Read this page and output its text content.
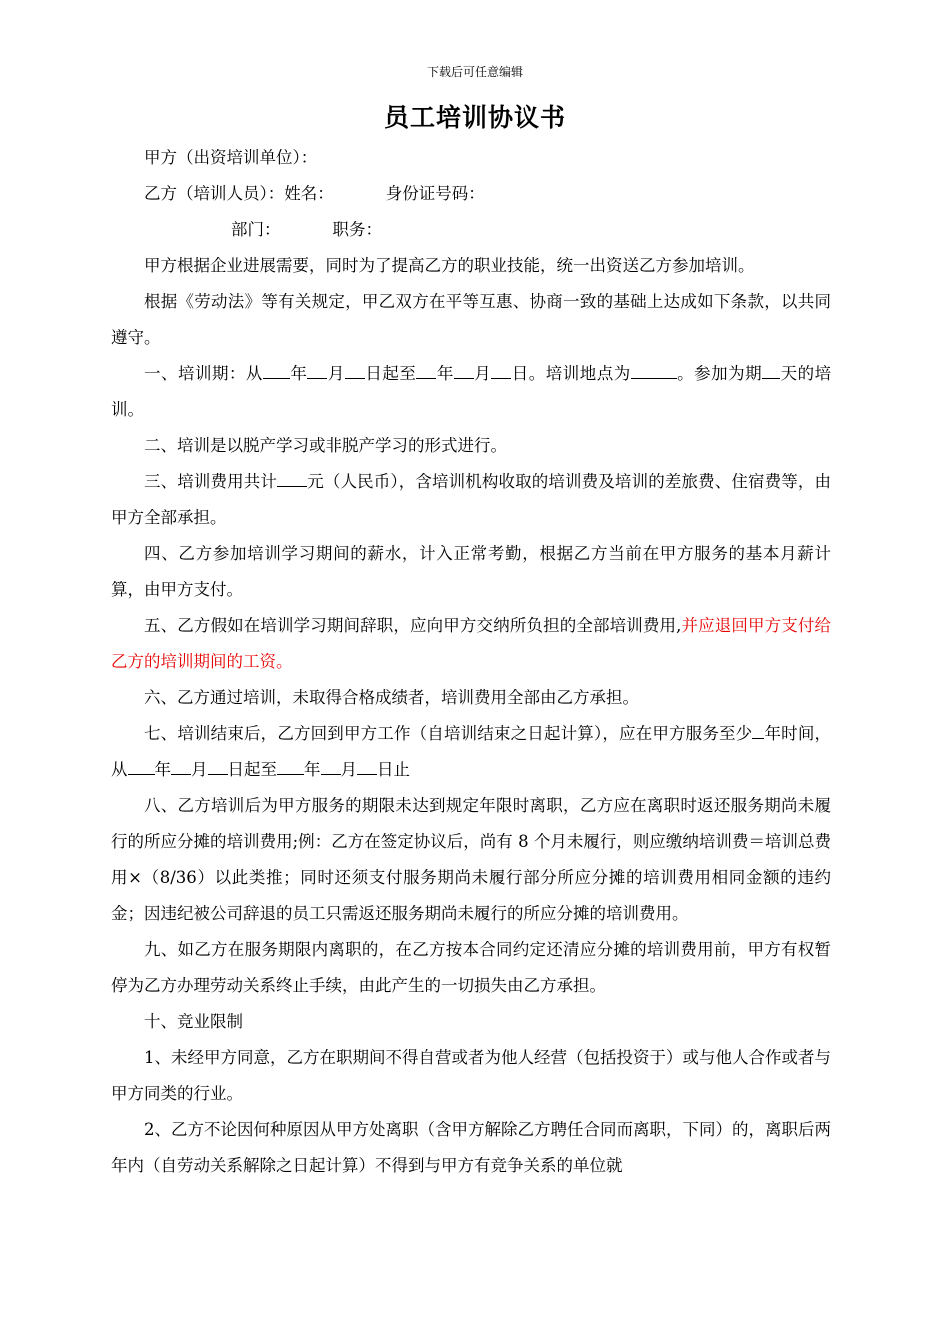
下载后可任意编辑
员工培训协议书

甲方（出资培训单位）：

乙方（培训人员）：姓名：	身份证号码：

部门：	职务：

甲方根据企业进展需要，同时为了提高乙方的职业技能，统一出资送乙方参加培训。

根据《劳动法》等有关规定，甲乙双方在平等互惠、协商一致的基础上达成如下条款，以共同遵守。

一、培训期：从 年 月 日起至 年 月 日。培训地点为	。参加为期 天的培训。

二、培训是以脱产学习或非脱产学习的形式进行。

三、培训费用共计 元（人民币），含培训机构收取的培训费及培训的差旅费、住宿费等，由甲方全部承担。

四、乙方参加培训学习期间的薪水，计入正常考勤，根据乙方当前在甲方服务的基本月薪计算，由甲方支付。

五、乙方假如在培训学习期间辞职，应向甲方交纳所负担的全部培训费用,并应退回甲方支付给乙方的培训期间的工资。

六、乙方通过培训，未取得合格成绩者，培训费用全部由乙方承担。

七、培训结束后，乙方回到甲方工作（自培训结束之日起计算），应在甲方服务至少 年时间，从 年 月 日起至 年 月 日止

八、乙方培训后为甲方服务的期限未达到规定年限时离职，乙方应在离职时返还服务期尚未履行的所应分摊的培训费用;例：乙方在签定协议后，尚有 8 个月未履行，则应缴纳培训费＝培训总费用×（8/36）以此类推；同时还须支付服务期尚未履行部分所应分摊的培训费用相同金额的违约金；因违纪被公司辞退的员工只需返还服务期尚未履行的所应分摊的培训费用。

九、如乙方在服务期限内离职的，在乙方按本合同约定还清应分摊的培训费用前，甲方有权暂停为乙方办理劳动关系终止手续，由此产生的一切损失由乙方承担。

十、竞业限制

1、未经甲方同意，乙方在职期间不得自营或者为他人经营（包括投资于）或与他人合作或者与甲方同类的行业。

2、乙方不论因何种原因从甲方处离职（含甲方解除乙方聘任合同而离职，下同）的，离职后两年内（自劳动关系解除之日起计算）不得到与甲方有竞争关系的单位就
